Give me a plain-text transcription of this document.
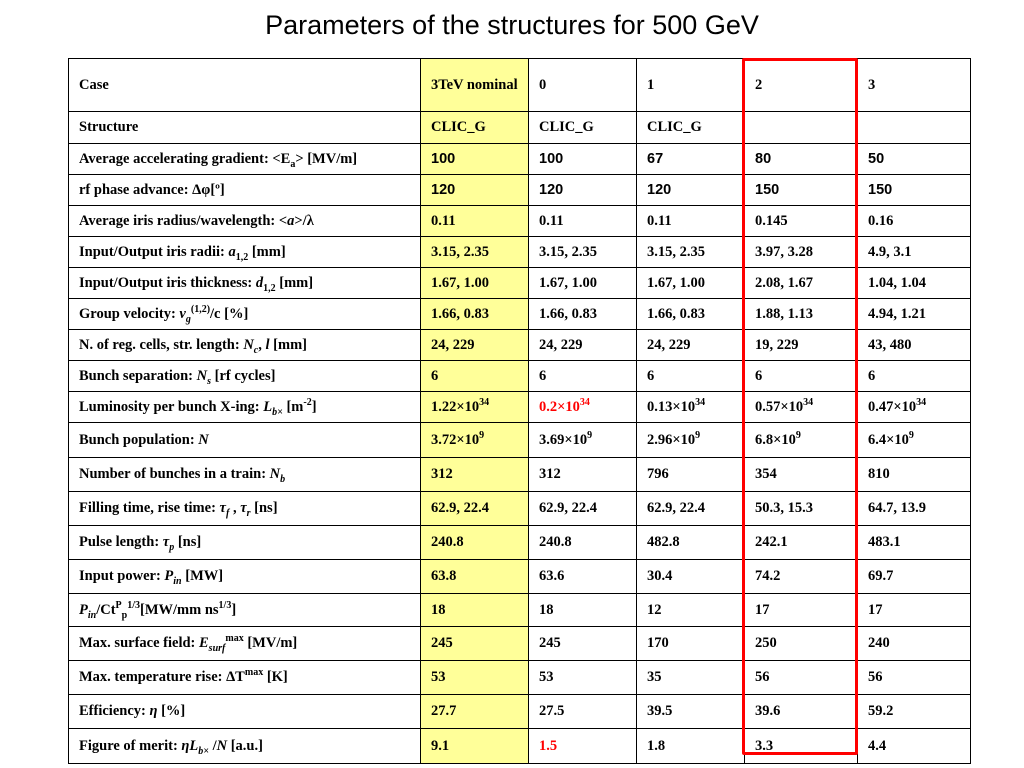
Parameters of the structures for 500 GeV
Case	3TeV nominal	0	1	2	3
Structure	CLIC_G	CLIC_G	CLIC_G		
Average accelerating gradient: $<E_a> [MV/m]$	100	100	67	80	50
rf phase advance: Δφ[º]	120	120	120	150	150
Average iris radius/wavelength: <a>/λ	0.11	0.11	0.11	0.145	0.16
Input/Output iris radii: $a_{1,2}$ [mm]	3.15, 2.35	3.15, 2.35	3.15, 2.35	3.97, 3.28	4.9, 3.1
Input/Output iris thickness: $d_{1,2}$ [mm]	1.67, 1.00	1.67, 1.00	1.67, 1.00	2.08, 1.67	1.04, 1.04
Group velocity: $v_g^{(1,2)}/c$ [%]	1.66, 0.83	1.66, 0.83	1.66, 0.83	1.88, 1.13	4.94, 1.21
N. of reg. cells, str. length: $N_c$, l [mm]	24, 229	24, 229	24, 229	19, 229	43, 480
Bunch separation: $N_s$ [rf cycles]	6	6	6	6	6
Luminosity per bunch X-ing: $L_{b\times}$ $[m^{-2}]$	$1.22\times 10^{34}$	$0.2\times 10^{34}$	$0.13\times 10^{34}$	$0.57\times 10^{34}$	$0.47\times 10^{34}$
Bunch population: N	$3.72\times 10^9$	$3.69\times 10^9$	$2.96\times 10^9$	$6.8\times 10^9$	$6.4\times 10^9$
Number of bunches in a train: $N_b$	312	312	796	354	810
Filling time, rise time: $\tau_f$ , $\tau_r$ [ns]	62.9, 22.4	62.9, 22.4	62.9, 22.4	50.3, 15.3	64.7, 13.9
Pulse length: $\tau_p$ [ns]	240.8	240.8	482.8	242.1	483.1
Input power: $P_{in}$ [MW]	63.8	63.6	30.4	74.2	69.7
$P_{in}/Ct^P_p^{1/3}[MW/mm$ $ns^{1/3}$]	18	18	12	17	17
Max. surface field: $E_{surf}^{max}$ [MV/m]	245	245	170	250	240
Max. temperature rise: $\Delta T^{max}$ [K]	53	53	35	56	56
Efficiency: η [%]	27.7	27.5	39.5	39.6	59.2
Figure of merit: $\eta L_{b\times}$ /N [a.u.]	9.1	1.5	1.8	3.3	4.4
